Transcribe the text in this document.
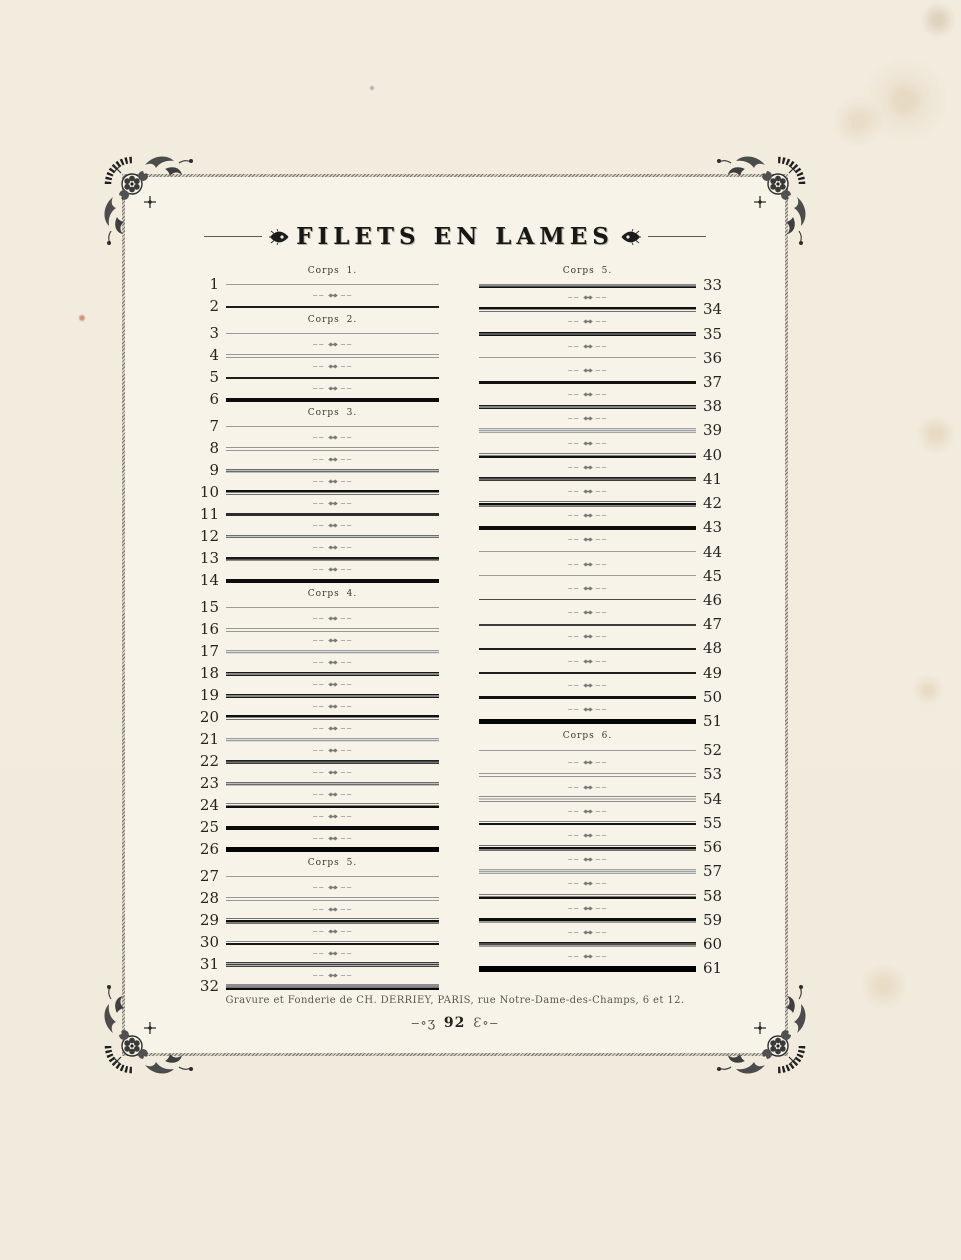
FILETS EN LAMES
Corps 1.
1
2
Corps 2.
3
4
5
6
Corps 3.
7
8
9
10
11
12
13
14
Corps 4.
15
16
17
18
19
20
21
22
23
24
25
26
Corps 5.
27
28
29
30
31
32
Corps 5.
33
34
35
36
37
38
39
40
41
42
43
44
45
46
47
48
49
50
51
Corps 6.
52
53
54
55
56
57
58
59
60
61
Gravure et Fonderie de CH. DERRIEY, PARIS, rue Notre-Dame-des-Champs, 6 et 12.
‒∘ʒ 92 Ɛ∘‒
